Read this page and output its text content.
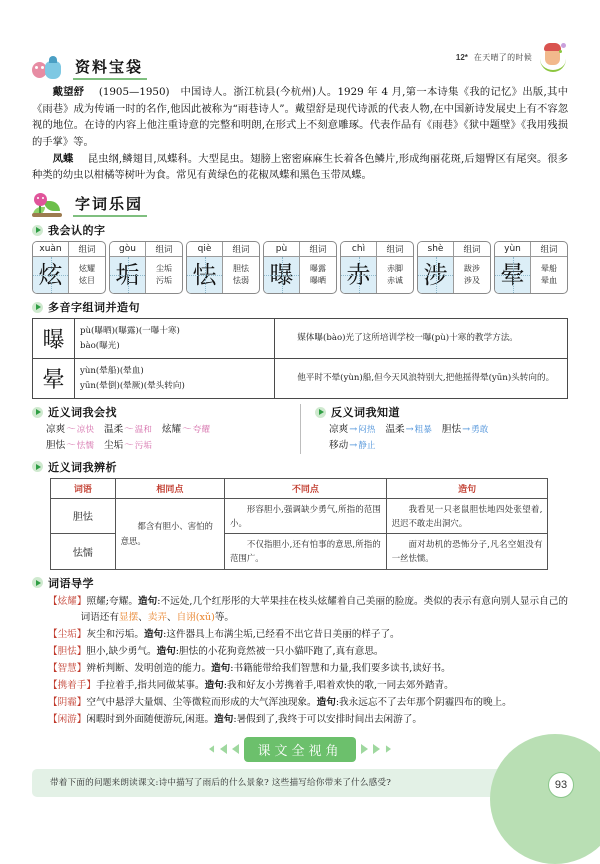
12* 在天晴了的时候
资料宝袋

戴望舒 (1905—1950)　中国诗人。浙江杭县(今杭州)人。1929 年 4 月,第一本诗集《我的记忆》出版,其中《雨巷》成为传诵一时的名作,他因此被称为“雨巷诗人”。戴望舒是现代诗派的代表人物,在中国新诗发展史上有不容忽视的地位。在诗的内容上他注重诗意的完整和明朗,在形式上不刻意雕琢。代表作品有《雨巷》《狱中题壁》《我用残损的手掌》等。

凤蝶 昆虫纲,鳞翅目,凤蝶科。大型昆虫。翅膀上密密麻麻生长着各色鳞片,形成绚丽花斑,后翅臀区有尾突。很多种类的幼虫以柑橘等树叶为食。常见有黄绿色的花椒凤蝶和黑色玉带凤蝶。

字词乐园
我会认的字
xuàn	组词
炫	炫耀
炫目
gòu	组词
垢	尘垢
污垢
qiè	组词
怯	胆怯
怯弱
pù	组词
曝	曝露
曝晒
chì	组词
赤	赤脚
赤诚
shè	组词
涉	跋涉
涉及
yùn	组词
晕	晕船
晕血
多音字组词并造句
曝	pù(曝晒)(曝露)(一曝十寒)
bào(曝光)	媒体曝(bào)光了这所培训学校一曝(pù)十寒的教学方法。
晕	yùn(晕船)(晕血)
yūn(晕倒)(晕厥)(晕头转向)	他平时不晕(yùn)船,但今天风浪特别大,把他摇得晕(yūn)头转向的。
近义词我会找
凉爽～凉快 温柔～温和 炫耀～夸耀
胆怯～怯懦 尘垢～污垢
反义词我知道
凉爽→闷热 温柔→粗暴 胆怯→勇敢
移动→静止
近义词我辨析
词语	相同点	不同点	造句
胆怯	都含有胆小、害怕的意思。	形容胆小,强调缺少勇气,所指的范围小。	我看见一只老鼠胆怯地四处张望着,迟迟不敢走出洞穴。
怯懦		不仅指胆小,还有怕事的意思,所指的范围广。	面对劫机的恐怖分子,凡名空姐没有一丝怯懦。
词语导学
【炫耀】照耀;夸耀。造句:不远处,几个红彤彤的大苹果挂在枝头炫耀着自己美丽的脸庞。类似的表示有意向别人显示自己的词语还有显摆、卖弄、自诩(xǔ)等。
【尘垢】灰尘和污垢。造句:这件器具上布满尘垢,已经看不出它昔日美丽的样子了。
【胆怯】胆小,缺少勇气。造句:胆怯的小花狗竟然被一只小貓吓跑了,真有意思。
【智慧】辨析判断、发明创造的能力。造句:书籍能带给我们智慧和力量,我们要多读书,读好书。
【携着手】手拉着手,指共同做某事。造句:我和好友小芳携着手,唱着欢快的歌,一同去郊外踏青。
【阴霾】空气中悬浮大量烟、尘等微粒而形成的大气浑浊现象。造句:我永远忘不了去年那个阴霾四布的晚上。
【闲游】闲暇时到外面随便游玩,闲逛。造句:暑假到了,我终于可以安排时间出去闲游了。
课文全视角
带着下面的问题来朗读课文:诗中描写了雨后的什么景象? 这些描写给你带来了什么感受?	93
